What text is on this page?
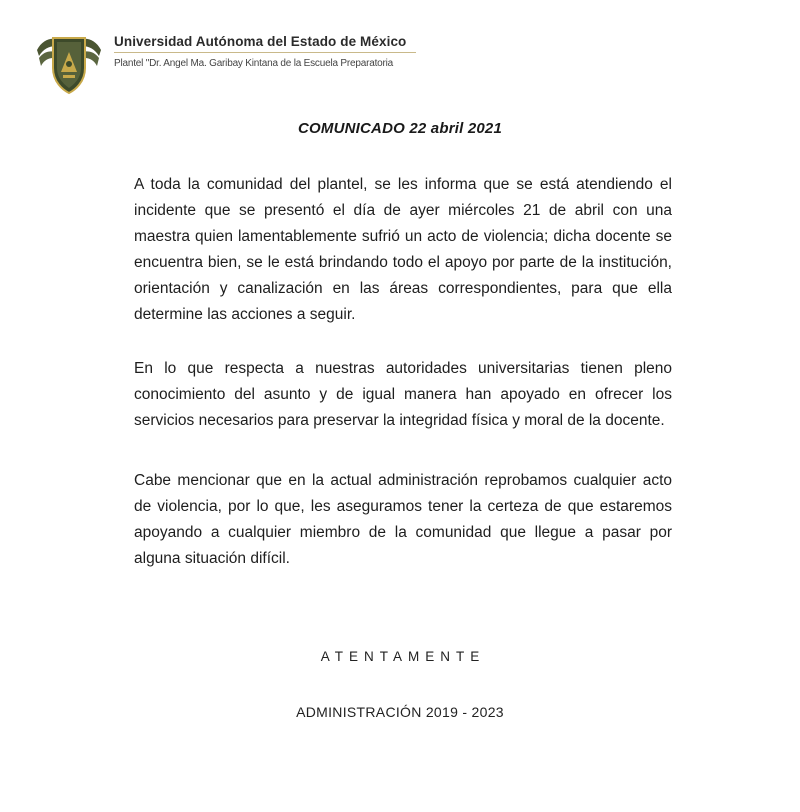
Universidad Autónoma del Estado de México
Plantel "Dr. Angel Ma. Garibay Kintana de la Escuela Preparatoria
COMUNICADO 22 abril 2021

A toda la comunidad del plantel, se les informa que se está atendiendo el incidente que se presentó el día de ayer miércoles 21 de abril con una maestra quien lamentablemente sufrió un acto de violencia; dicha docente se encuentra bien, se le está brindando todo el apoyo por parte de la institución, orientación y canalización en las áreas correspondientes, para que ella determine las acciones a seguir.

En lo que respecta a nuestras autoridades universitarias tienen pleno conocimiento del asunto y de igual manera han apoyado en ofrecer los servicios necesarios para preservar la integridad física y moral de la docente.

Cabe mencionar que en la actual administración reprobamos cualquier acto de violencia, por lo que, les aseguramos tener la certeza de que estaremos apoyando a cualquier miembro de la comunidad que llegue a pasar por alguna situación difícil.

ATENTAMENTE
ADMINISTRACIÓN 2019 - 2023
